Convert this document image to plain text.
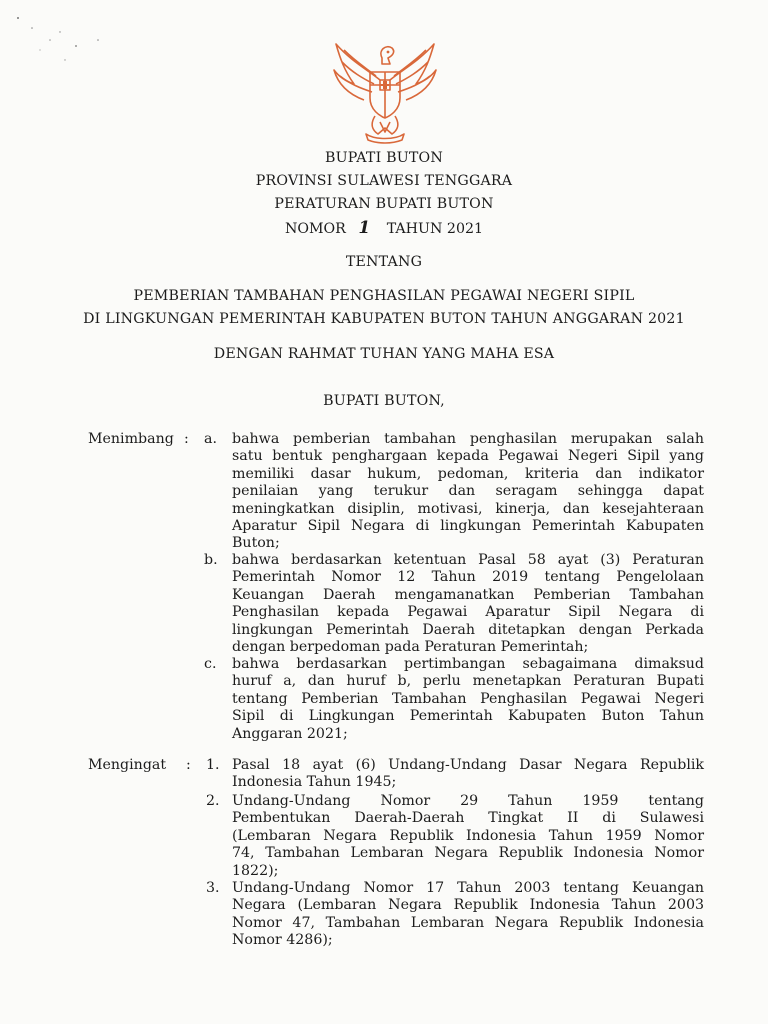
BUPATI BUTON
PROVINSI SULAWESI TENGGARA
PERATURAN BUPATI BUTON
NOMOR 1 TAHUN 2021
TENTANG
PEMBERIAN TAMBAHAN PENGHASILAN PEGAWAI NEGERI SIPIL
DI LINGKUNGAN PEMERINTAH KABUPATEN BUTON TAHUN ANGGARAN 2021
DENGAN RAHMAT TUHAN YANG MAHA ESA
BUPATI BUTON,
Menimbang : a. bahwa pemberian tambahan penghasilan merupakan salah
satu bentuk penghargaan kepada Pegawai Negeri Sipil yang
memiliki dasar hukum, pedoman, kriteria dan indikator
penilaian yang terukur dan seragam sehingga dapat
meningkatkan disiplin, motivasi, kinerja, dan kesejahteraan
Aparatur Sipil Negara di lingkungan Pemerintah Kabupaten
Buton;
b. bahwa berdasarkan ketentuan Pasal 58 ayat (3) Peraturan
Pemerintah Nomor 12 Tahun 2019 tentang Pengelolaan
Keuangan Daerah mengamanatkan Pemberian Tambahan
Penghasilan kepada Pegawai Aparatur Sipil Negara di
lingkungan Pemerintah Daerah ditetapkan dengan Perkada
dengan berpedoman pada Peraturan Pemerintah;
c. bahwa berdasarkan pertimbangan sebagaimana dimaksud
huruf a, dan huruf b, perlu menetapkan Peraturan Bupati
tentang Pemberian Tambahan Penghasilan Pegawai Negeri
Sipil di Lingkungan Pemerintah Kabupaten Buton Tahun
Anggaran 2021;
Mengingat : 1. Pasal 18 ayat (6) Undang-Undang Dasar Negara Republik
Indonesia Tahun 1945;
2. Undang-Undang Nomor 29 Tahun 1959 tentang
Pembentukan Daerah-Daerah Tingkat II di Sulawesi
(Lembaran Negara Republik Indonesia Tahun 1959 Nomor
74, Tambahan Lembaran Negara Republik Indonesia Nomor
1822);
3. Undang-Undang Nomor 17 Tahun 2003 tentang Keuangan
Negara (Lembaran Negara Republik Indonesia Tahun 2003
Nomor 47, Tambahan Lembaran Negara Republik Indonesia
Nomor 4286);
